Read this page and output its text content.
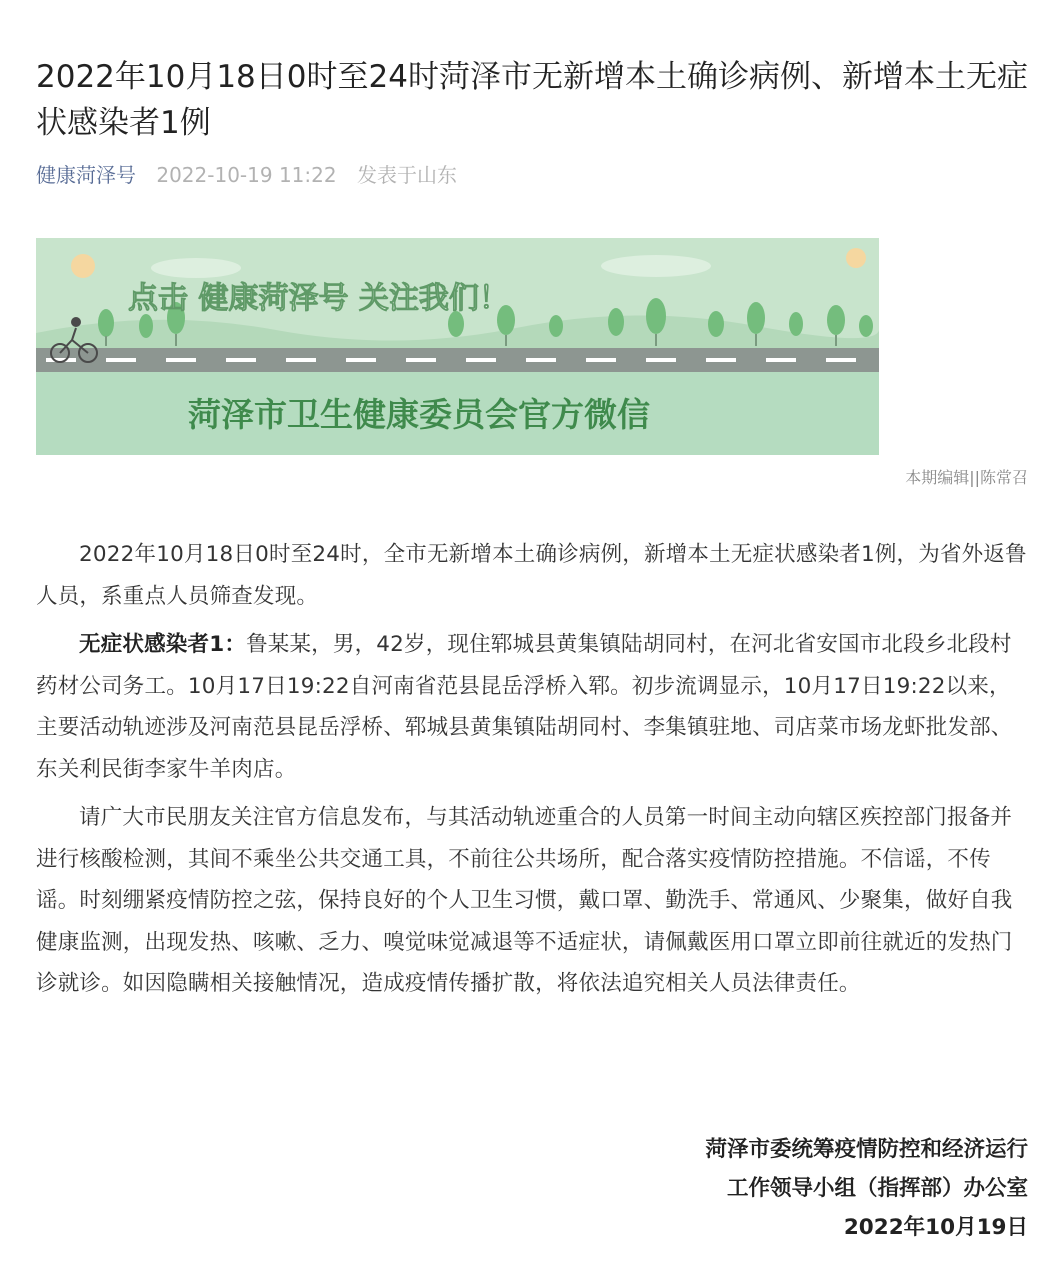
2022年10月18日0时至24时菏泽市无新增本土确诊病例、新增本土无症状感染者1例
健康菏泽号 2022-10-19 11:22 发表于山东
点击 健康菏泽号 关注我们！
菏泽市卫生健康委员会官方微信
本期编辑||陈常召

2022年10月18日0时至24时，全市无新增本土确诊病例，新增本土无症状感染者1例，为省外返鲁人员，系重点人员筛查发现。

无症状感染者1：鲁某某，男，42岁，现住郓城县黄集镇陆胡同村，在河北省安国市北段乡北段村药材公司务工。10月17日19:22自河南省范县昆岳浮桥入郓。初步流调显示，10月17日19:22以来，主要活动轨迹涉及河南范县昆岳浮桥、郓城县黄集镇陆胡同村、李集镇驻地、司店菜市场龙虾批发部、东关利民街李家牛羊肉店。

请广大市民朋友关注官方信息发布，与其活动轨迹重合的人员第一时间主动向辖区疾控部门报备并进行核酸检测，其间不乘坐公共交通工具，不前往公共场所，配合落实疫情防控措施。不信谣，不传谣。时刻绷紧疫情防控之弦，保持良好的个人卫生习惯，戴口罩、勤洗手、常通风、少聚集，做好自我健康监测，出现发热、咳嗽、乏力、嗅觉味觉减退等不适症状，请佩戴医用口罩立即前往就近的发热门诊就诊。如因隐瞒相关接触情况，造成疫情传播扩散，将依法追究相关人员法律责任。

菏泽市委统筹疫情防控和经济运行
工作领导小组（指挥部）办公室
2022年10月19日
